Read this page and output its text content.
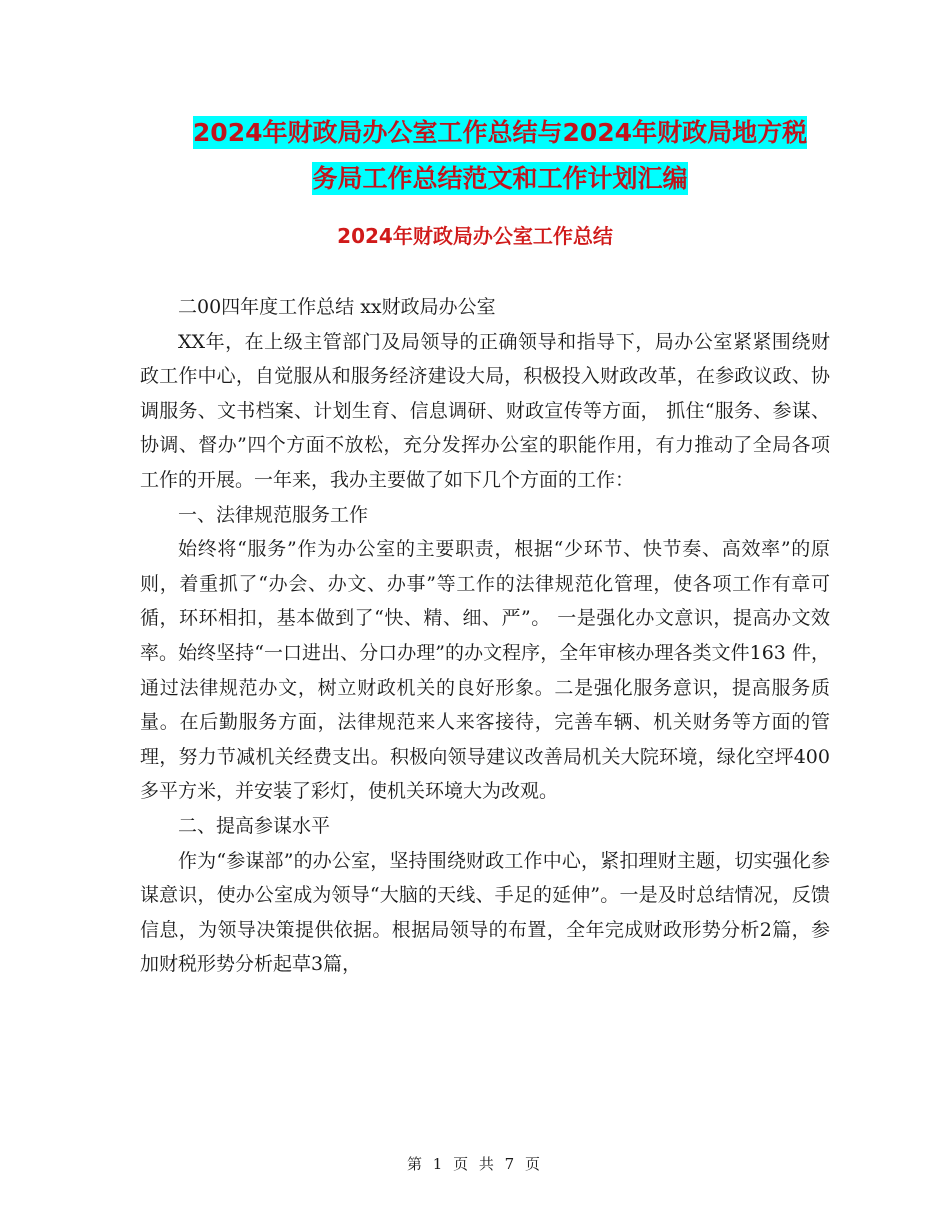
2024年财政局办公室工作总结与2024年财政局地方税
务局工作总结范文和工作计划汇编
2024年财政局办公室工作总结

二00四年度工作总结 xx财政局办公室

XX年，在上级主管部门及局领导的正确领导和指导下，局办公室紧紧围绕财政工作中心，自觉服从和服务经济建设大局，积极投入财政改革，在参政议政、协调服务、文书档案、计划生育、信息调研、财政宣传等方面， 抓住“服务、参谋、协调、督办”四个方面不放松，充分发挥办公室的职能作用，有力推动了全局各项工作的开展。一年来，我办主要做了如下几个方面的工作：

一、法律规范服务工作

始终将“服务”作为办公室的主要职责，根据“少环节、快节奏、高效率”的原则，着重抓了“办会、办文、办事”等工作的法律规范化管理，使各项工作有章可循，环环相扣，基本做到了“快、精、细、严”。 一是强化办文意识，提高办文效率。始终坚持“一口进出、分口办理”的办文程序，全年审核办理各类文件163 件，通过法律规范办文，树立财政机关的良好形象。二是强化服务意识，提高服务质量。在后勤服务方面，法律规范来人来客接待，完善车辆、机关财务等方面的管理，努力节减机关经费支出。积极向领导建议改善局机关大院环境，绿化空坪400多平方米，并安装了彩灯，使机关环境大为改观。

二、提高参谋水平

作为“参谋部”的办公室，坚持围绕财政工作中心，紧扣理财主题，切实强化参谋意识，使办公室成为领导“大脑的天线、手足的延伸”。一是及时总结情况，反馈信息，为领导决策提供依据。根据局领导的布置，全年完成财政形势分析2篇，参加财税形势分析起草3篇，

第 1 页 共 7 页
